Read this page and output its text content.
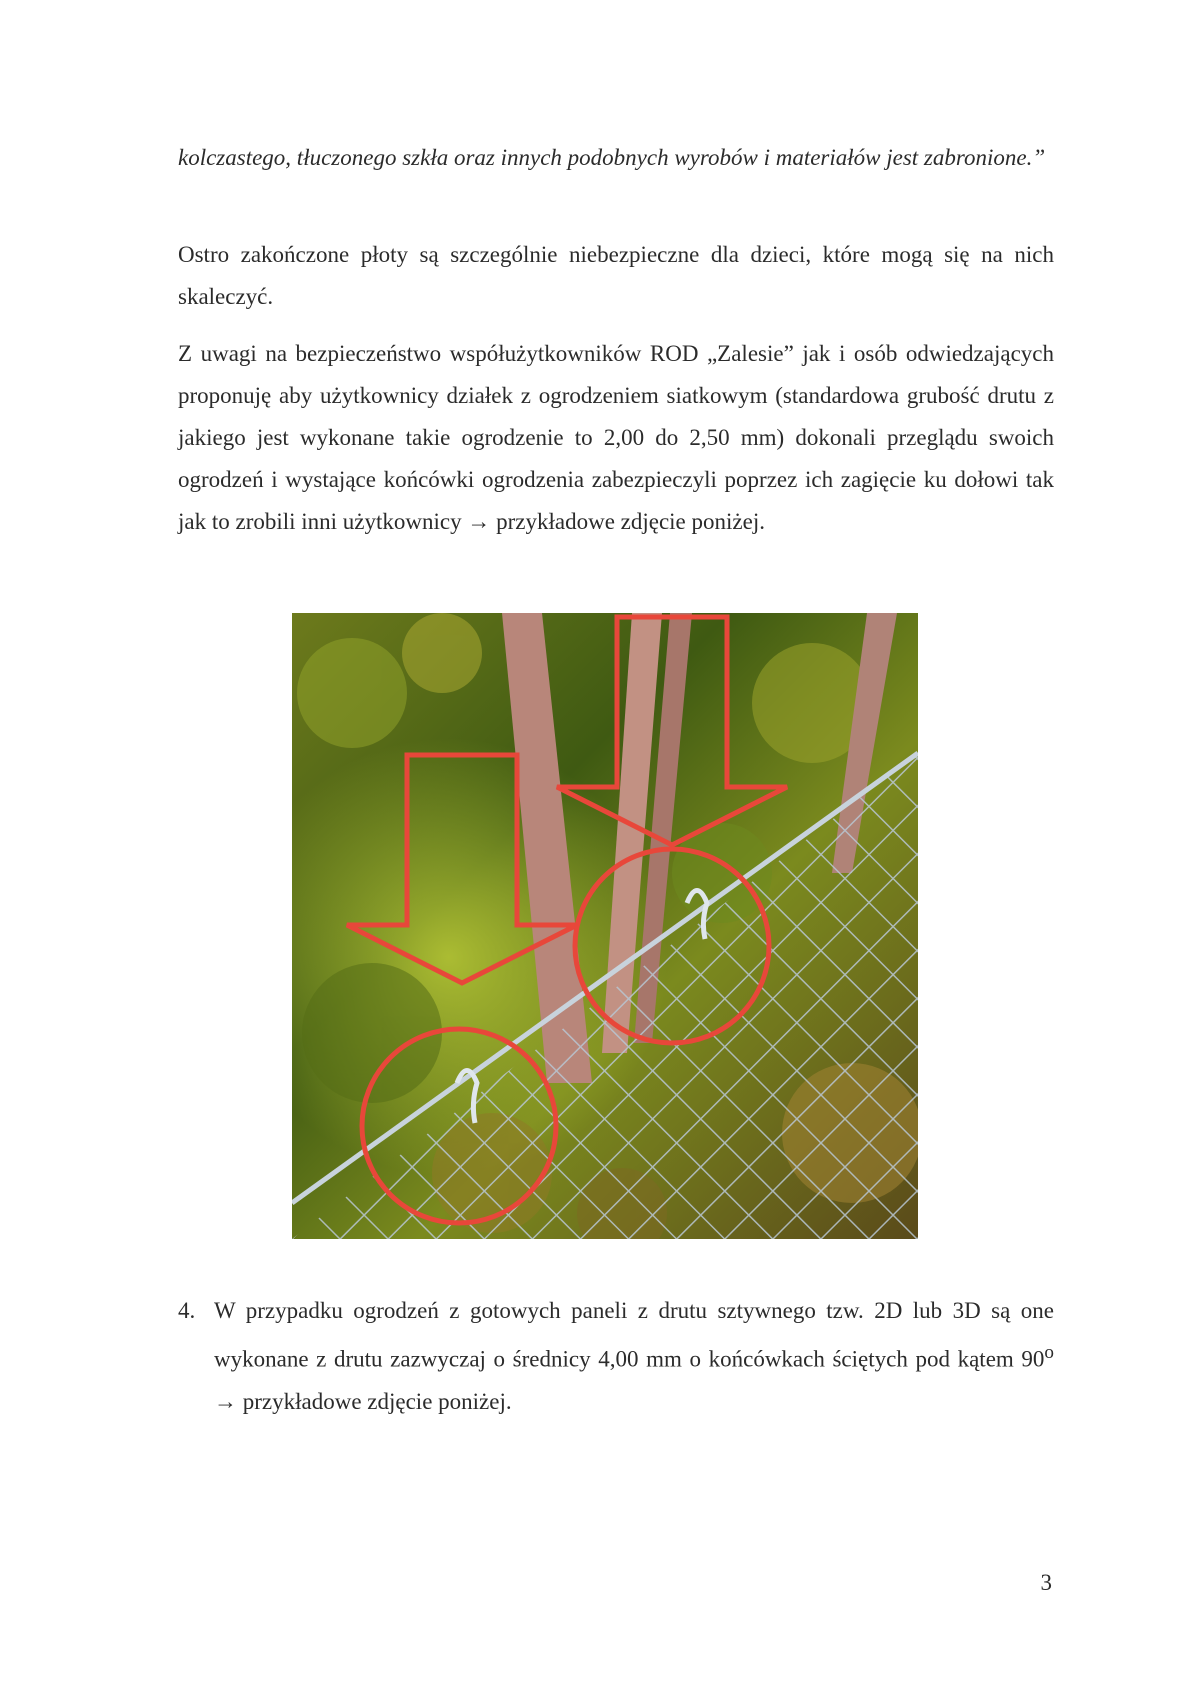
kolczastego, tłuczonego szkła oraz innych podobnych wyrobów i materiałów jest zabronione.”

Ostro zakończone płoty są szczególnie niebezpieczne dla dzieci, które mogą się na nich skaleczyć.

Z uwagi na bezpieczeństwo współużytkowników ROD „Zalesie” jak i osób odwiedzających proponuję aby użytkownicy działek z ogrodzeniem siatkowym (standardowa grubość drutu z jakiego jest wykonane takie ogrodzenie to 2,00 do 2,50 mm) dokonali przeglądu swoich ogrodzeń i wystające końcówki ogrodzenia zabezpieczyli poprzez ich zagięcie ku dołowi tak jak to zrobili inni użytkownicy → przykładowe zdjęcie poniżej.

4. W przypadku ogrodzeń z gotowych paneli z drutu sztywnego tzw. 2D lub 3D są one wykonane z drutu zazwyczaj o średnicy 4,00 mm o końcówkach ściętych pod kątem $90^o$ → przykładowe zdjęcie poniżej.
3
